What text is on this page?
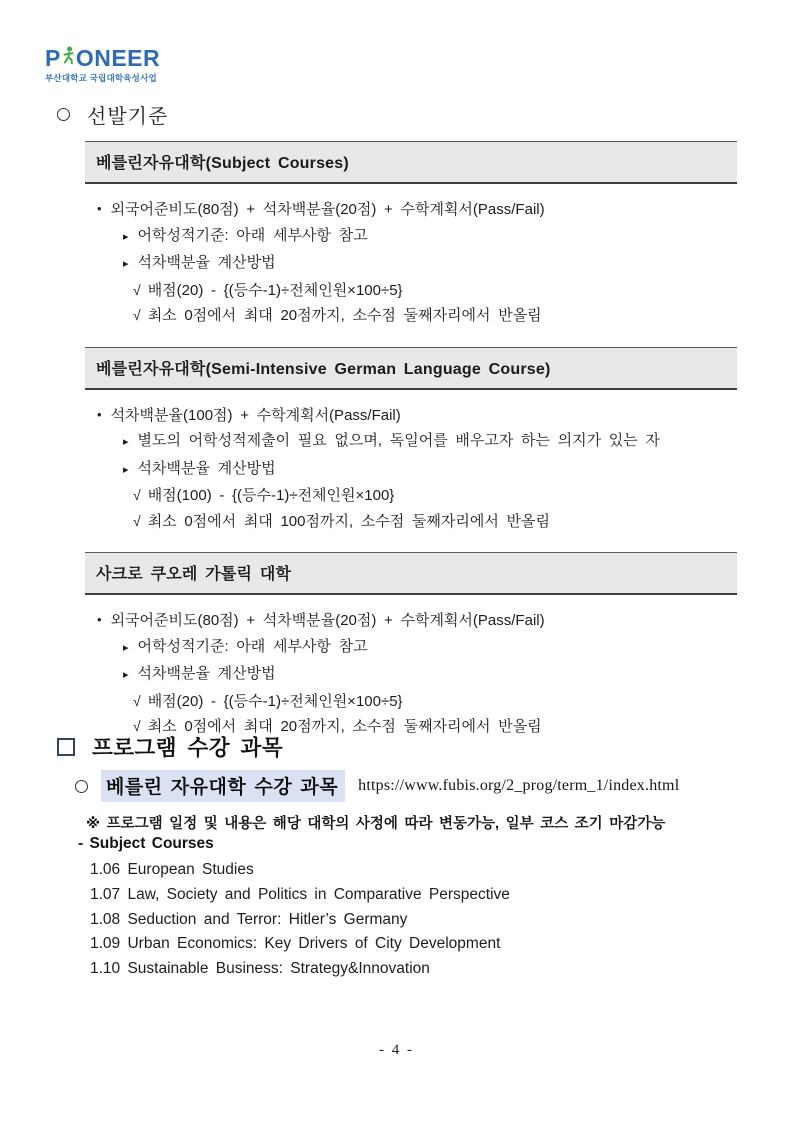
P ONEER
부산대학교 국립대학육성사업
선발기준
베를린자유대학(Subject Courses)
• 외국어준비도(80점) + 석차백분율(20점) + 수학계획서(Pass/Fail)
▸ 어학성적기준: 아래 세부사항 참고
▸ 석차백분율 계산방법
√ 배점(20) - {(등수-1)÷전체인원×100÷5}
√ 최소 0점에서 최대 20점까지, 소수점 둘째자리에서 반올림
베를린자유대학(Semi-Intensive German Language Course)
• 석차백분율(100점) + 수학계획서(Pass/Fail)
▸ 별도의 어학성적제출이 필요 없으며, 독일어를 배우고자 하는 의지가 있는 자
▸ 석차백분율 계산방법
√ 배점(100) - {(등수-1)÷전체인원×100}
√ 최소 0점에서 최대 100점까지, 소수점 둘째자리에서 반올림
사크로 쿠오레 가톨릭 대학
• 외국어준비도(80점) + 석차백분율(20점) + 수학계획서(Pass/Fail)
▸ 어학성적기준: 아래 세부사항 참고
▸ 석차백분율 계산방법
√ 배점(20) - {(등수-1)÷전체인원×100÷5}
√ 최소 0점에서 최대 20점까지, 소수점 둘째자리에서 반올림
프로그램 수강 과목
베를린 자유대학 수강 과목	https://www.fubis.org/2_prog/term_1/index.html
※ 프로그램 일정 및 내용은 해당 대학의 사정에 따라 변동가능, 일부 코스 조기 마감가능
- Subject Courses
1.06 European Studies
1.07 Law, Society and Politics in Comparative Perspective
1.08 Seduction and Terror: Hitler’s Germany
1.09 Urban Economics: Key Drivers of City Development
1.10 Sustainable Business: Strategy&Innovation
- 4 -
